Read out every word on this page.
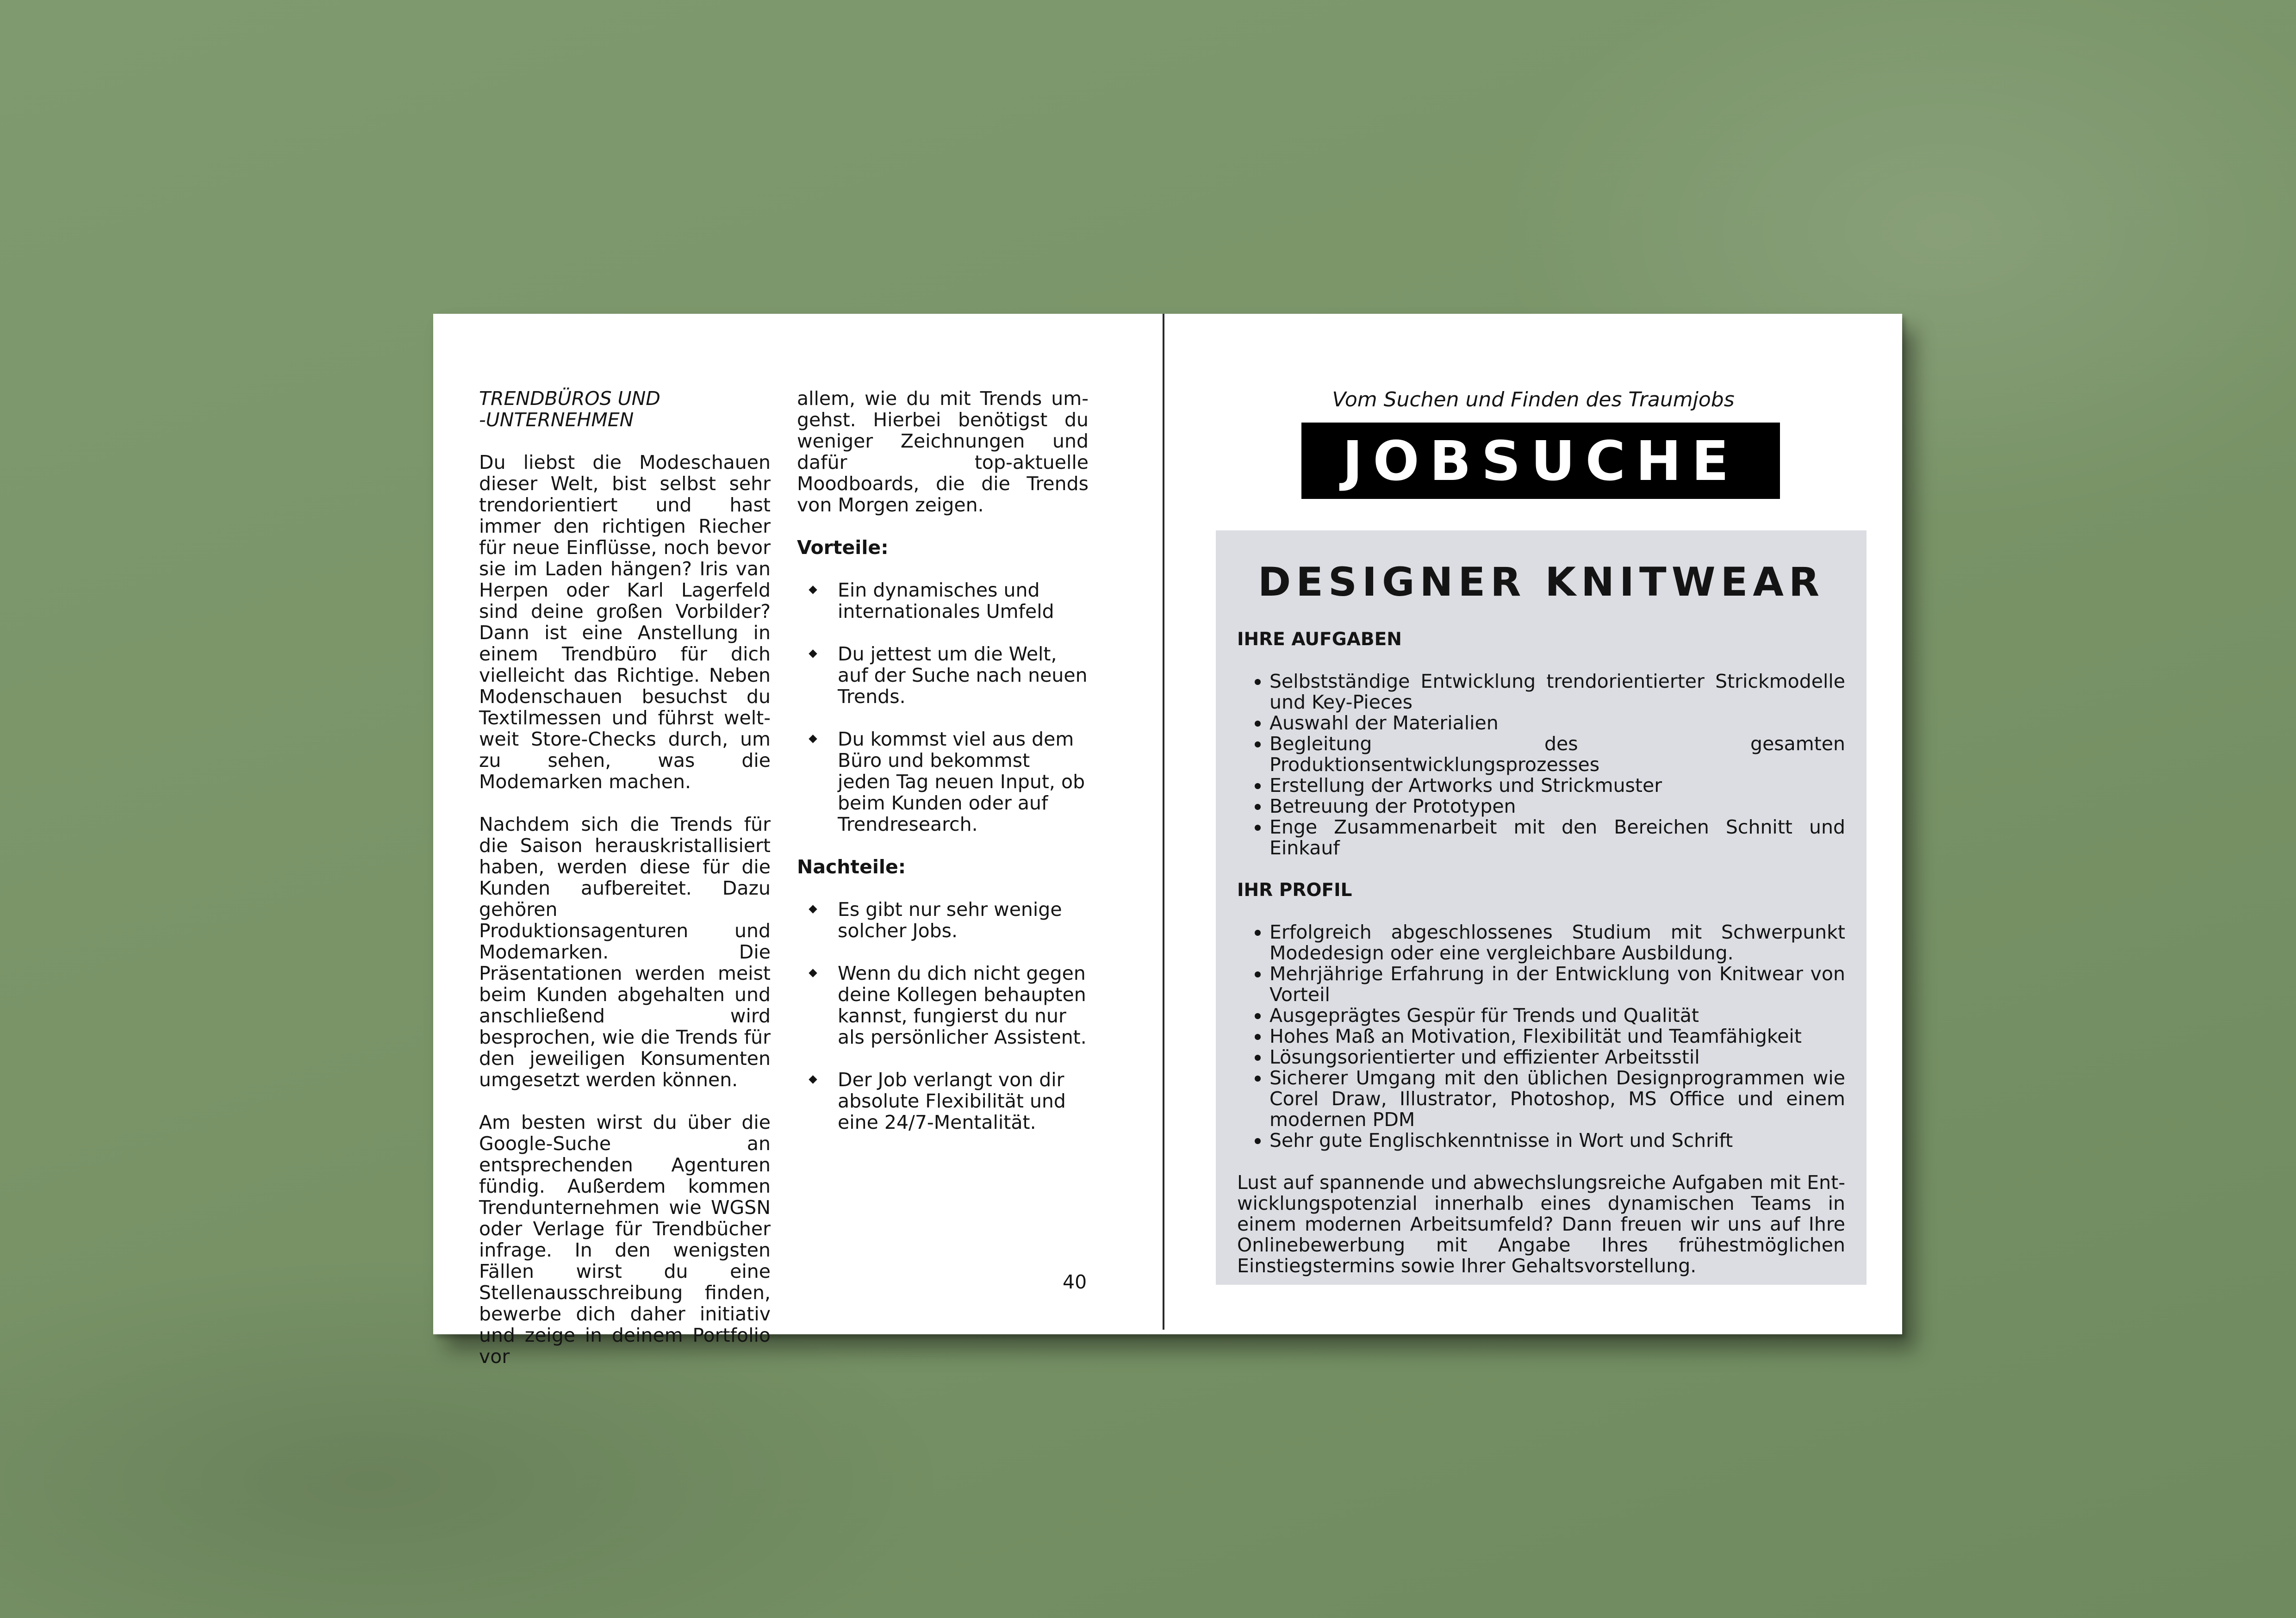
TRENDBÜROS UND
-UNTERNEHMEN

Du liebst die Modeschauen dieser Welt, bist selbst sehr trendorientiert und hast immer den richtigen Riecher für neue Einflüsse, noch bevor sie im Laden hängen? Iris van Herpen oder Karl Lagerfeld sind deine großen Vorbilder? Dann ist eine Anstellung in einem Trendbüro für dich vielleicht das Richtige. Neben Modenschauen besuchst du Textilmessen und führst weltweit Store-Checks durch, um zu sehen, was die Modemarken machen.

Nachdem sich die Trends für die Saison herauskristallisiert haben, werden diese für die Kunden aufbereitet. Dazu gehören Produktionsagenturen und Modemarken. Die Präsentationen werden meist beim Kunden abgehalten und anschließend wird besprochen, wie die Trends für den jeweiligen Konsumenten umgesetzt werden können.

Am besten wirst du über die Google-Suche an entsprechenden Agenturen fündig. Außerdem kommen Trendunternehmen wie WGSN oder Verlage für Trendbücher infrage. In den wenigsten Fällen wirst du eine Stellenausschreibung finden, bewerbe dich daher initiativ und zeige in deinem Portfolio vor

allem, wie du mit Trends umgehst. Hierbei benötigst du weniger Zeichnungen und dafür top-aktuelle Moodboards, die die Trends von Morgen zeigen.

Vorteile:
Ein dynamisches und internationales Umfeld
Du jettest um die Welt, auf der Suche nach neuen Trends.
Du kommst viel aus dem Büro und bekommst jeden Tag neuen Input, ob beim Kunden oder auf Trendresearch.
Nachteile:
Es gibt nur sehr wenige solcher Jobs.
Wenn du dich nicht gegen deine Kollegen behaupten kannst, fungierst du nur als persönlicher Assistent.
Der Job verlangt von dir absolute Flexibilität und eine 24/7-Mentalität.
40
Vom Suchen und Finden des Traumjobs
JOBSUCHE
DESIGNER KNITWEAR
IHRE AUFGABEN
• Selbstständige Entwicklung trendorientierter Strickmodelle und Key-Pieces
• Auswahl der Materialien
• Begleitung des gesamten Produktionsentwicklungsprozesses
• Erstellung der Artworks und Strickmuster
• Betreuung der Prototypen
• Enge Zusammenarbeit mit den Bereichen Schnitt und Einkauf
IHR PROFIL
• Erfolgreich abgeschlossenes Studium mit Schwerpunkt Modedesign oder eine vergleichbare Ausbildung.
• Mehrjährige Erfahrung in der Entwicklung von Knitwear von Vorteil
• Ausgeprägtes Gespür für Trends und Qualität
• Hohes Maß an Motivation, Flexibilität und Teamfähigkeit
• Lösungsorientierter und effizienter Arbeitsstil
• Sicherer Umgang mit den üblichen Designprogrammen wie Corel Draw, Illustrator, Photoshop, MS Office und einem modernen PDM
• Sehr gute Englischkenntnisse in Wort und Schrift

Lust auf spannende und abwechslungsreiche Aufgaben mit Entwicklungspotenzial innerhalb eines dynamischen Teams in einem modernen Arbeitsumfeld? Dann freuen wir uns auf Ihre Onlinebewerbung mit Angabe Ihres frühestmöglichen Einstiegstermins sowie Ihrer Gehaltsvorstellung.
